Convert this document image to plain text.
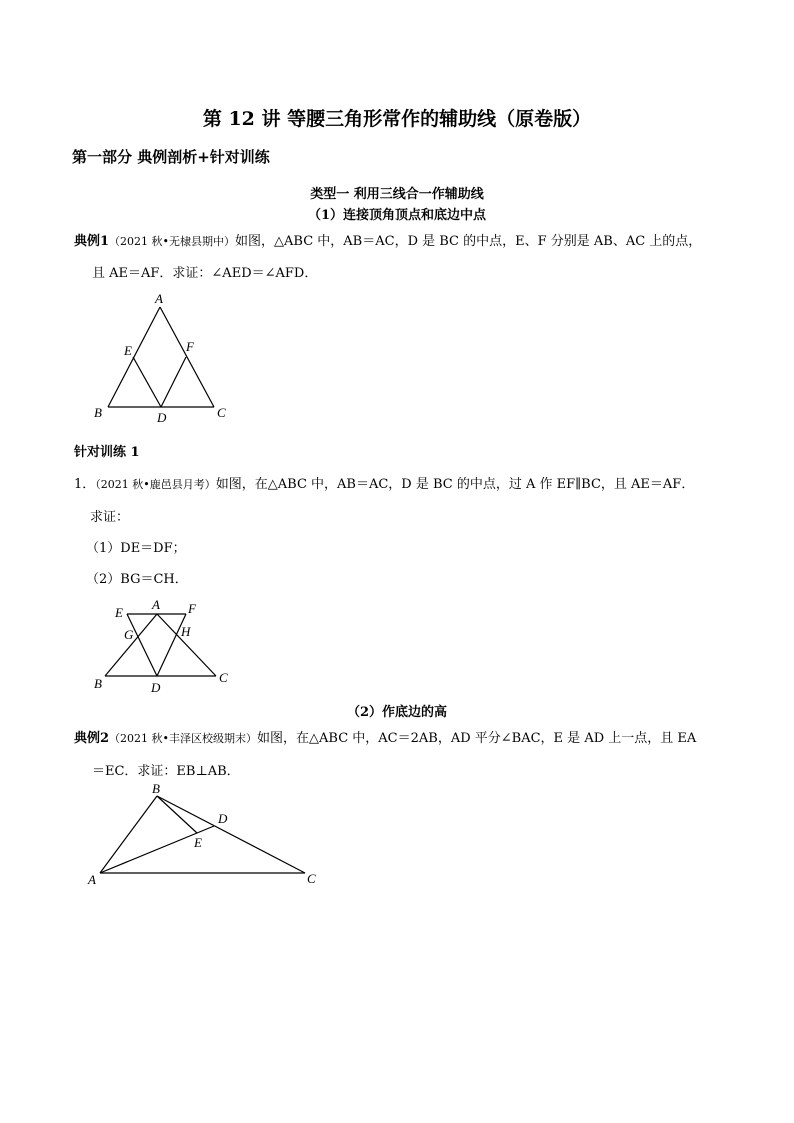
第 12 讲 等腰三角形常作的辅助线（原卷版）
第一部分 典例剖析+针对训练
类型一 利用三线合一作辅助线
（1）连接顶角顶点和底边中点
典例1（2021 秋•无棣县期中）如图，△ABC 中，AB＝AC，D 是 BC 的中点，E、F 分别是 AB、AC 上的点，
且 AE＝AF．求证：∠AED＝∠AFD．
A
B	C
D
E	F
针对训练 1
1．（2021 秋•鹿邑县月考）如图，在△ABC 中，AB＝AC，D 是 BC 的中点，过 A 作 EF∥BC，且 AE＝AF．
求证：
（1）DE＝DF；
（2）BG＝CH．
E
A F
G	H
B	C
D
（2）作底边的高
典例2（2021 秋•丰泽区校级期末）如图，在△ABC 中，AC＝2AB，AD 平分∠BAC，E 是 AD 上一点，且 EA
＝EC．求证：EB⊥AB．
B
D
E
A	C
